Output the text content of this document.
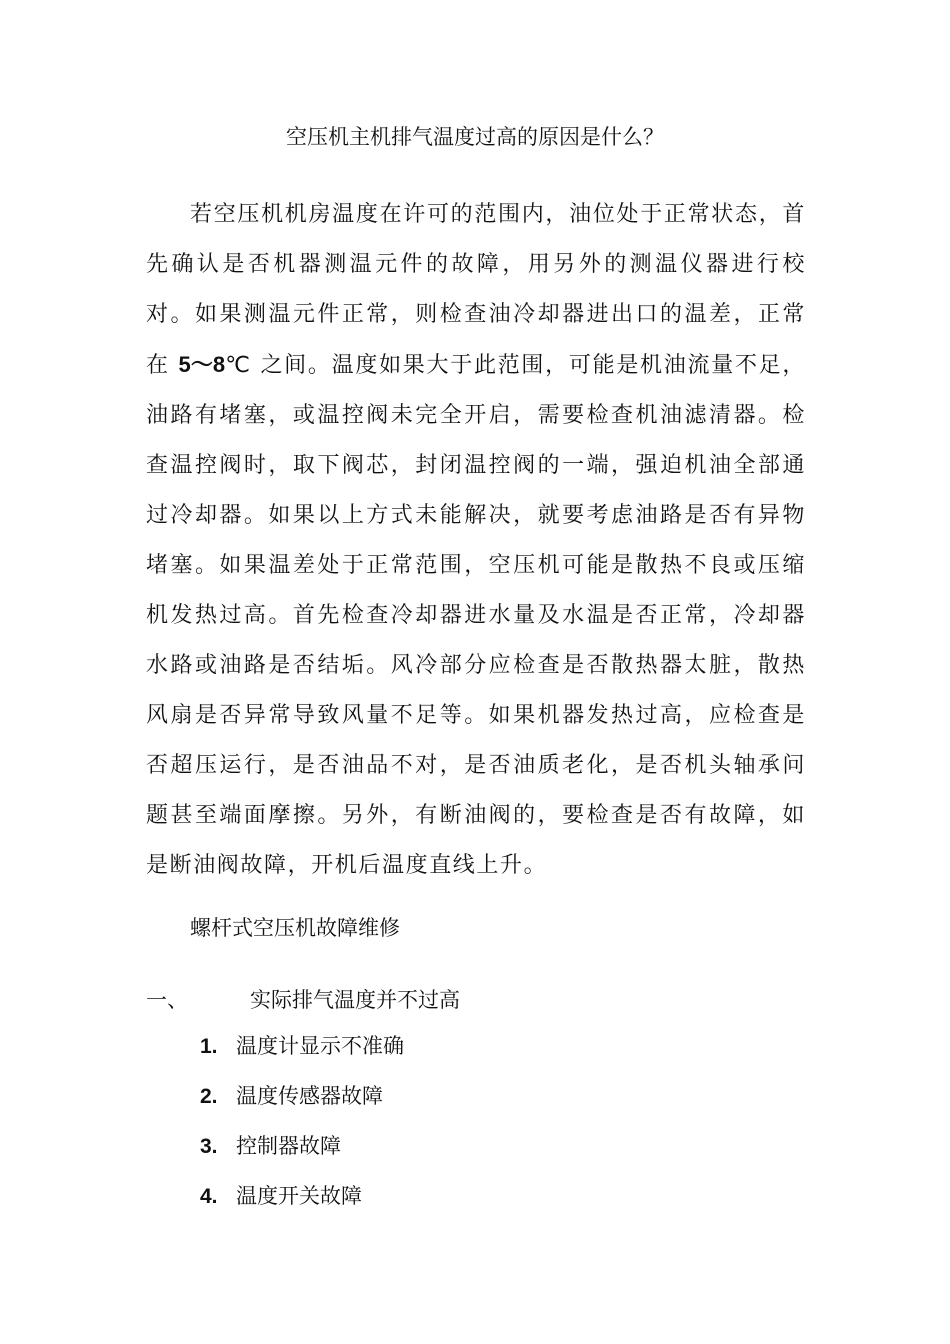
空压机主机排气温度过高的原因是什么？
若空压机机房温度在许可的范围内，油位处于正常状态，首先确认是否机器测温元件的故障，用另外的测温仪器进行校对。如果测温元件正常，则检查油冷却器进出口的温差，正常在 5～8℃ 之间。温度如果大于此范围，可能是机油流量不足，油路有堵塞，或温控阀未完全开启，需要检查机油滤清器。检查温控阀时，取下阀芯，封闭温控阀的一端，强迫机油全部通过冷却器。如果以上方式未能解决，就要考虑油路是否有异物堵塞。如果温差处于正常范围，空压机可能是散热不良或压缩机发热过高。首先检查冷却器进水量及水温是否正常，冷却器水路或油路是否结垢。风冷部分应检查是否散热器太脏，散热风扇是否异常导致风量不足等。如果机器发热过高，应检查是否超压运行，是否油品不对，是否油质老化，是否机头轴承问题甚至端面摩擦。另外，有断油阀的，要检查是否有故障，如是断油阀故障，开机后温度直线上升。
螺杆式空压机故障维修
一、	实际排气温度并不过高
1. 温度计显示不准确
2. 温度传感器故障
3. 控制器故障
4. 温度开关故障
